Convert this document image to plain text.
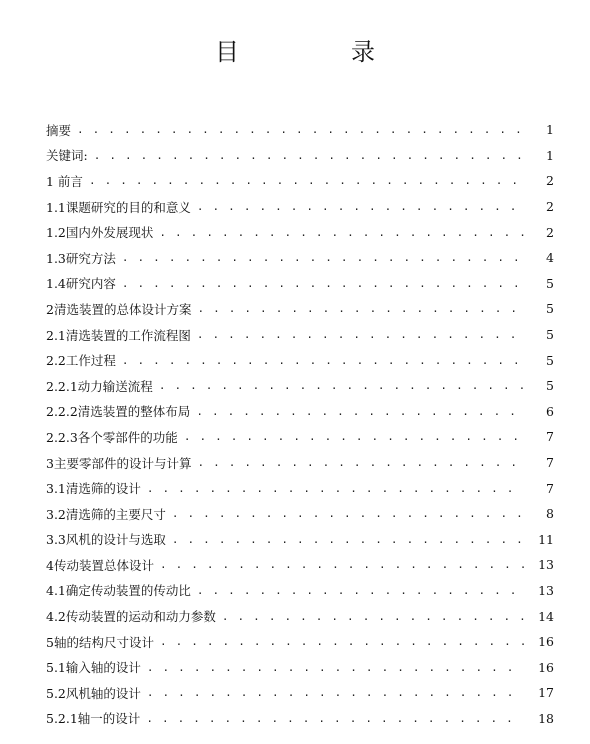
目　录
摘要 . . .	1
关键词: . . .	1
1 前言 . . .	2
1.1课题研究的目的和意义 . . .	2
1.2国内外发展现状 . . .	2
1.3研究方法 . . .	4
1.4研究内容 . . .	5
2清选装置的总体设计方案 . . .	5
2.1清选装置的工作流程图 . . .	5
2.2工作过程 . . .	5
2.2.1动力输送流程 . . .	5
2.2.2清选装置的整体布局 . . .	6
2.2.3各个零部件的功能 . . .	7
3主要零部件的设计与计算 . . .	7
3.1清选筛的设计 . . .	7
3.2清选筛的主要尺寸 . . .	8
3.3风机的设计与选取 . . .	11
4传动装置总体设计 . . .	13
4.1确定传动装置的传动比 . . .	13
4.2传动装置的运动和动力参数 . . .	14
5轴的结构尺寸设计 . . .	16
5.1输入轴的设计 . . .	16
5.2风机轴的设计 . . .	17
5.2.1轴一的设计 . . .	18
